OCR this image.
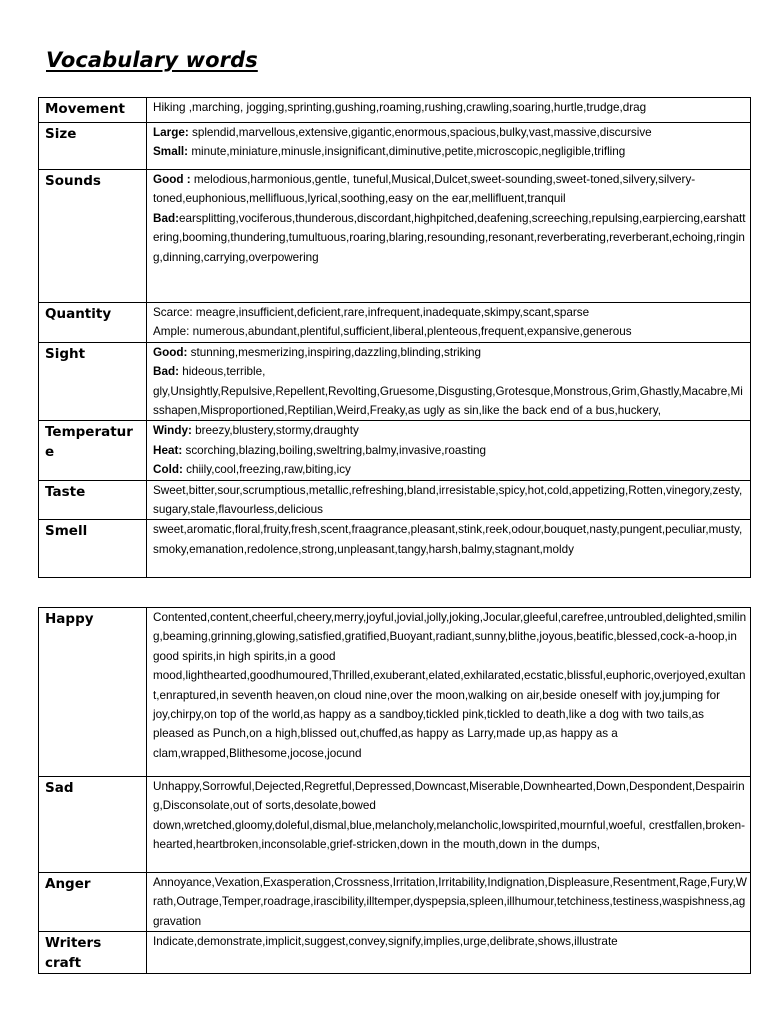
Vocabulary words
Movement	Hiking ,marching, jogging,sprinting,gushing,roaming,rushing,crawling,soaring,hurtle,trudge,drag

Size	Large: splendid,marvellous,extensive,gigantic,enormous,spacious,bulky,vast,massive,discursive
Small: minute,miniature,minusle,insignificant,diminutive,petite,microscopic,negligible,trifling

Sounds	Good : melodious,harmonious,gentle, tuneful,Musical,Dulcet,sweet-sounding,sweet-toned,silvery,silvery-toned,euphonious,mellifluous,lyrical,soothing,easy on the ear,mellifluent,tranquil
Bad:earsplitting,vociferous,thunderous,discordant,highpitched,deafening,screeching,repulsing,earpiercing,earshattering,booming,thundering,tumultuous,roaring,blaring,resounding,resonant,reverberating,reverberant,echoing,ringing,dinning,carrying,overpowering

Quantity	Scarce: meagre,insufficient,deficient,rare,infrequent,inadequate,skimpy,scant,sparse
Ample: numerous,abundant,plentiful,sufficient,liberal,plenteous,frequent,expansive,generous

Sight	Good: stunning,mesmerizing,inspiring,dazzling,blinding,striking
Bad: hideous,terrible, gly,Unsightly,Repulsive,Repellent,Revolting,Gruesome,Disgusting,Grotesque,Monstrous,Grim,Ghastly,Macabre,Misshapen,Misproportioned,Reptilian,Weird,Freaky,as ugly as sin,like the back end of a bus,huckery,

Temperature	Windy: breezy,blustery,stormy,draughty
Heat: scorching,blazing,boiling,sweltring,balmy,invasive,roasting
Cold: chiily,cool,freezing,raw,biting,icy

Taste	Sweet,bitter,sour,scrumptious,metallic,refreshing,bland,irresistable,spicy,hot,cold,appetizing,Rotten,vinegory,zesty,sugary,stale,flavourless,delicious

Smell	sweet,aromatic,floral,fruity,fresh,scent,fraagrance,pleasant,stink,reek,odour,bouquet,nasty,pungent,peculiar,musty,smoky,emanation,redolence,strong,unpleasant,tangy,harsh,balmy,stagnant,moldy
Happy	Contented,content,cheerful,cheery,merry,joyful,jovial,jolly,joking,Jocular,gleeful,carefree,untroubled,delighted,smiling,beaming,grinning,glowing,satisfied,gratified,Buoyant,radiant,sunny,blithe,joyous,beatific,blessed,cock-a-hoop,in good spirits,in high spirits,in a good mood,lighthearted,goodhumoured,Thrilled,exuberant,elated,exhilarated,ecstatic,blissful,euphoric,overjoyed,exultant,enraptured,in seventh heaven,on cloud nine,over the moon,walking on air,beside oneself with joy,jumping for joy,chirpy,on top of the world,as happy as a sandboy,tickled pink,tickled to death,like a dog with two tails,as pleased as Punch,on a high,blissed out,chuffed,as happy as Larry,made up,as happy as a clam,wrapped,Blithesome,jocose,jocund

Sad	Unhappy,Sorrowful,Dejected,Regretful,Depressed,Downcast,Miserable,Downhearted,Down,Despondent,Despairing,Disconsolate,out of sorts,desolate,bowed down,wretched,gloomy,doleful,dismal,blue,melancholy,melancholic,lowspirited,mournful,woeful, crestfallen,broken-hearted,heartbroken,inconsolable,grief-stricken,down in the mouth,down in the dumps,

Anger	Annoyance,Vexation,Exasperation,Crossness,Irritation,Irritability,Indignation,Displeasure,Resentment,Rage,Fury,Wrath,Outrage,Temper,roadrage,irascibility,illtemper,dyspepsia,spleen,illhumour,tetchiness,testiness,waspishness,aggravation

Writers craft	Indicate,demonstrate,implicit,suggest,convey,signify,implies,urge,delibrate,shows,illustrate
